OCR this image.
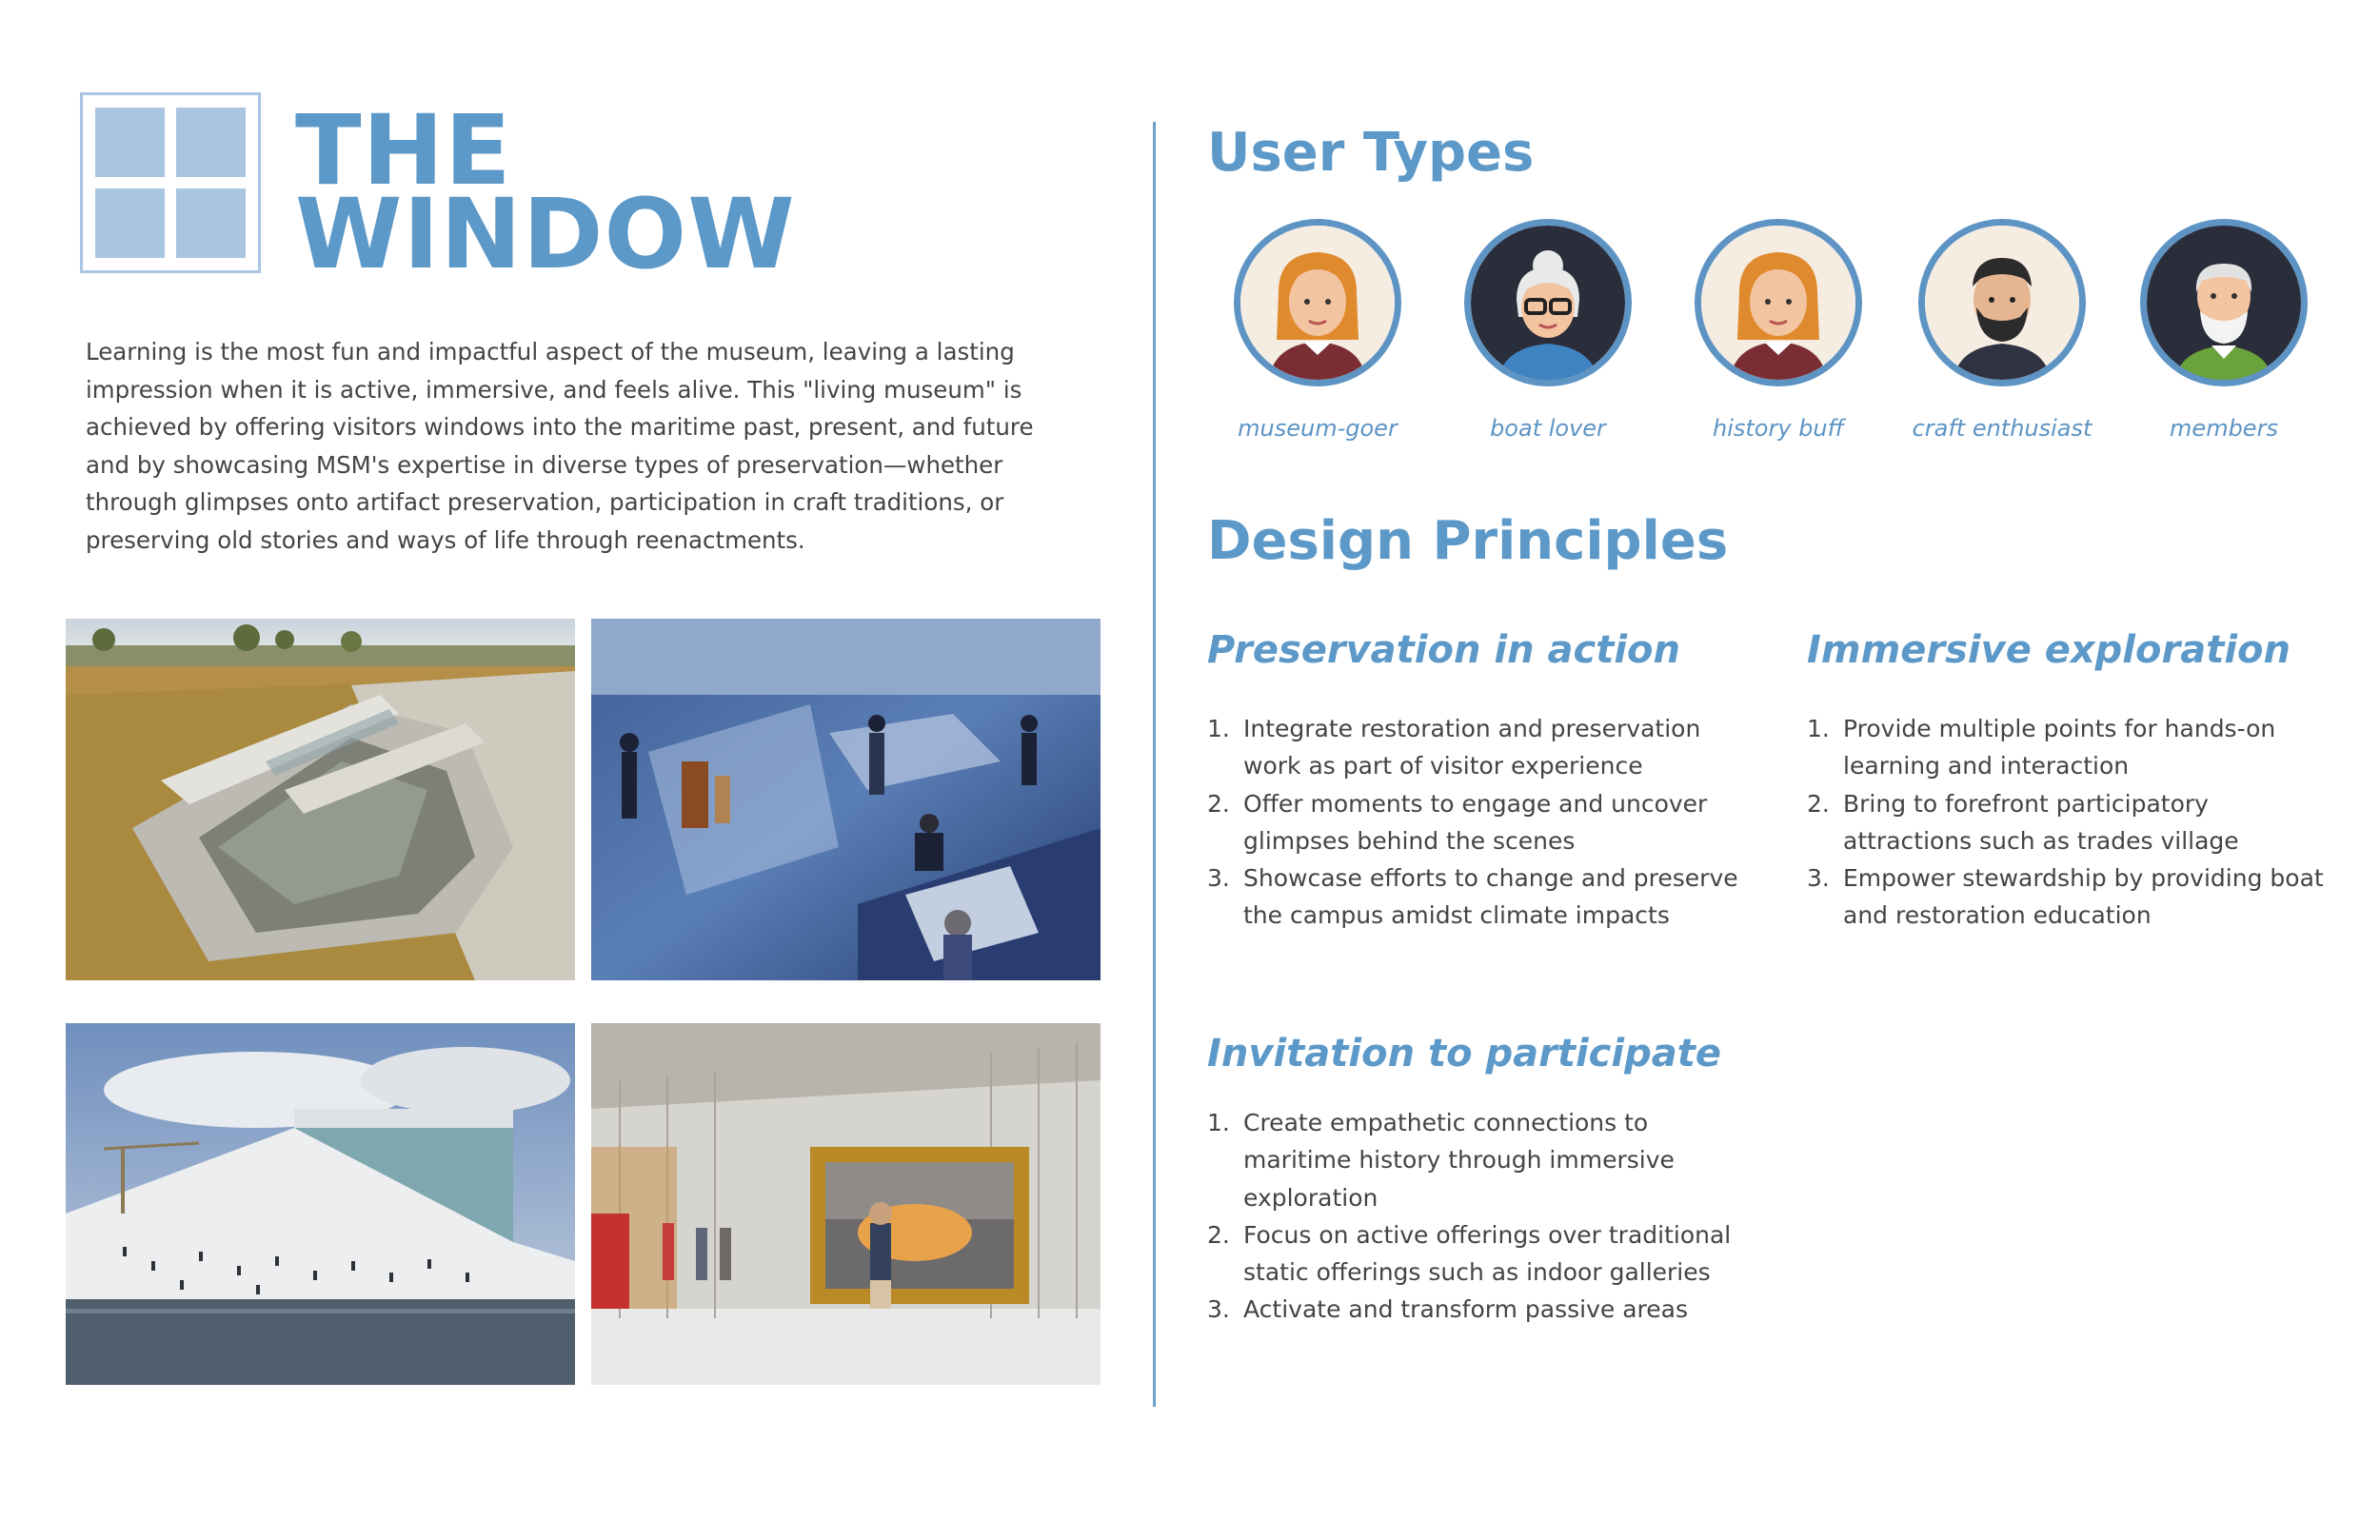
THE
WINDOW
Learning is the most fun and impactful aspect of the museum, leaving a lasting impression when it is active, immersive, and feels alive. This "living museum" is achieved by offering visitors windows into the maritime past, present, and future and by showcasing MSM's expertise in diverse types of preservation—whether through glimpses onto artifact preservation, participation in craft traditions, or preserving old stories and ways of life through reenactments.
User Types
museum-goer	boat lover	history buff	craft enthusiast	members
Design Principles
Preservation in action
1. Integrate restoration and preservation work as part of visitor experience
2. Offer moments to engage and uncover glimpses behind the scenes
3. Showcase efforts to change and preserve the campus amidst climate impacts
Immersive exploration
1. Provide multiple points for hands-on learning and interaction
2. Bring to forefront participatory attractions such as trades village
3. Empower stewardship by providing boat and restoration education
Invitation to participate
1. Create empathetic connections to maritime history through immersive exploration
2. Focus on active offerings over traditional static offerings such as indoor galleries
3. Activate and transform passive areas
